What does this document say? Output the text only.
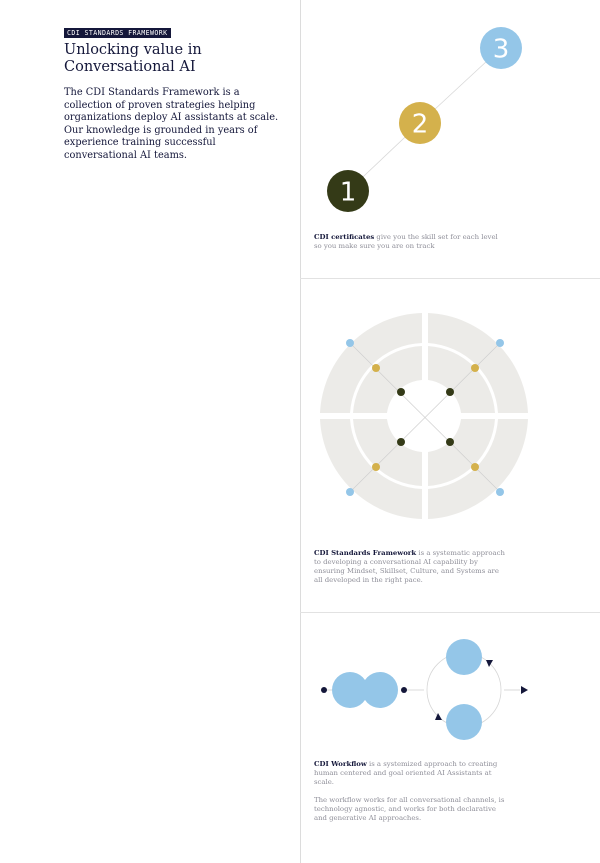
CDI STANDARDS FRAMEWORK
Unlocking value in Conversational AI

The CDI Standards Framework is a collection of proven strategies helping organizations deploy AI assistants at scale. Our knowledge is grounded in years of experience training successful conversational AI teams.

3
2
1
CDI certificates give you the skill set for each level so you make sure you are on track
CDI Standards Framework is a systematic approach to developing a conversational AI capability by ensuring Mindset, Skillset, Culture, and Systems are all developed in the right pace.

CDI Workflow is a systemized approach to creating human centered and goal oriented AI Assistants at scale.

The workflow works for all conversational channels, is technology agnostic, and works for both declarative and generative AI approaches.
